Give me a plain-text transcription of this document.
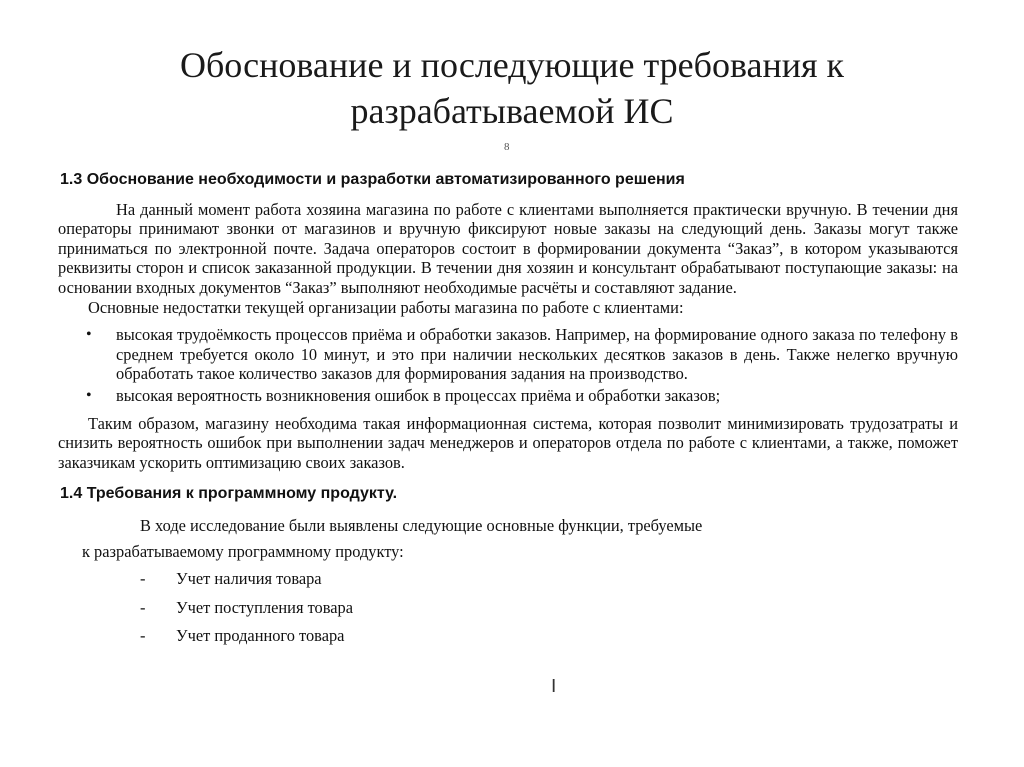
Обоснование и последующие требования к
разрабатываемой ИС
8
1.3 Обоснование необходимости и разработки автоматизированного решения

На данный момент работа хозяина магазина по работе с клиентами выполняется практически вручную. В течении дня операторы принимают звонки от магазинов и вручную фиксируют новые заказы на следующий день. Заказы могут также приниматься по электронной почте. Задача операторов состоит в формировании документа “Заказ”, в котором указываются реквизиты сторон и список заказанной продукции. В течении дня хозяин и консультант обрабатывают поступающие заказы: на основании входных документов “Заказ” выполняют необходимые расчёты и составляют задание.

Основные недостатки текущей организации работы магазина по работе с клиентами:

• высокая трудоёмкость процессов приёма и обработки заказов. Например, на формирование одного заказа по телефону в среднем требуется около 10 минут, и это при наличии нескольких десятков заказов в день. Также нелегко вручную обработать такое количество заказов для формирования задания на производство.
• высокая вероятность возникновения ошибок в процессах приёма и обработки заказов;

Таким образом, магазину необходима такая информационная система, которая позволит минимизировать трудозатраты и снизить вероятность ошибок при выполнении задач менеджеров и операторов отдела по работе с клиентами, а также, поможет заказчикам ускорить оптимизацию своих заказов.

1.4 Требования к программному продукту.

В ходе исследование были выявлены следующие основные функции, требуемые

к разрабатываемому программному продукту:

- Учет наличия товара
- Учет поступления товара
- Учет проданного товара
I
